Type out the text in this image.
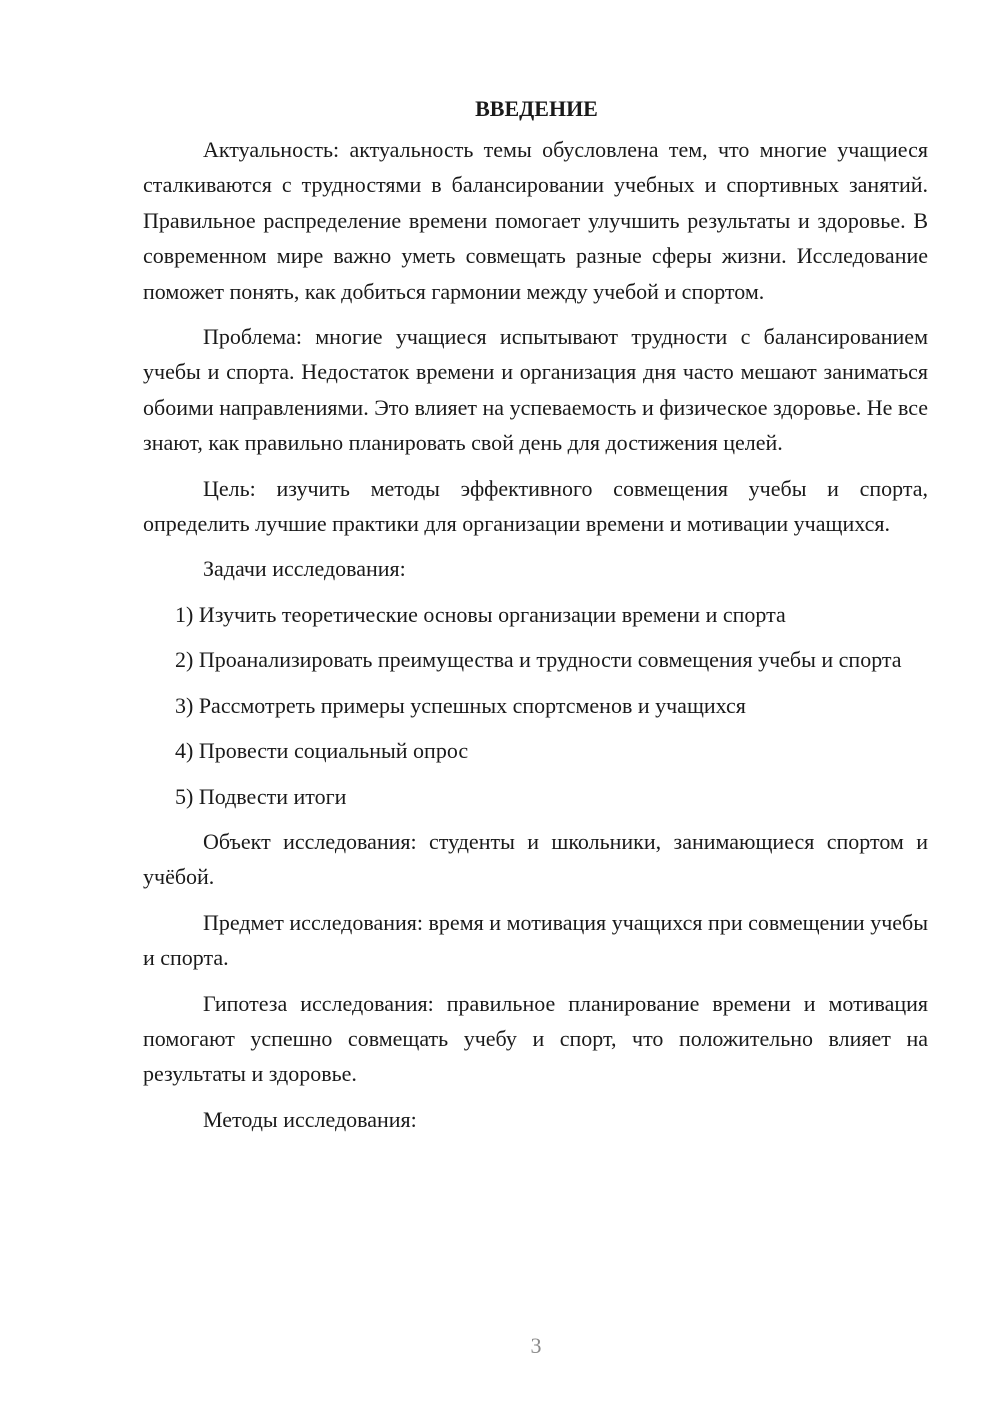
ВВЕДЕНИЕ

Актуальность: актуальность темы обусловлена тем, что многие учащиеся сталкиваются с трудностями в балансировании учебных и спортивных занятий. Правильное распределение времени помогает улучшить результаты и здоровье. В современном мире важно уметь совмещать разные сферы жизни. Исследование поможет понять, как добиться гармонии между учебой и спортом.

Проблема: многие учащиеся испытывают трудности с балансированием учебы и спорта. Недостаток времени и организация дня часто мешают заниматься обоими направлениями. Это влияет на успеваемость и физическое здоровье. Не все знают, как правильно планировать свой день для достижения целей.

Цель: изучить методы эффективного совмещения учебы и спорта, определить лучшие практики для организации времени и мотивации учащихся.

Задачи исследования:

1) Изучить теоретические основы организации времени и спорта

2) Проанализировать преимущества и трудности совмещения учебы и спорта

3) Рассмотреть примеры успешных спортсменов и учащихся

4) Провести социальный опрос

5) Подвести итоги

Объект исследования: студенты и школьники, занимающиеся спортом и учёбой.

Предмет исследования: время и мотивация учащихся при совмещении учебы и спорта.

Гипотеза исследования: правильное планирование времени и мотивация помогают успешно совмещать учебу и спорт, что положительно влияет на результаты и здоровье.

Методы исследования:

3
